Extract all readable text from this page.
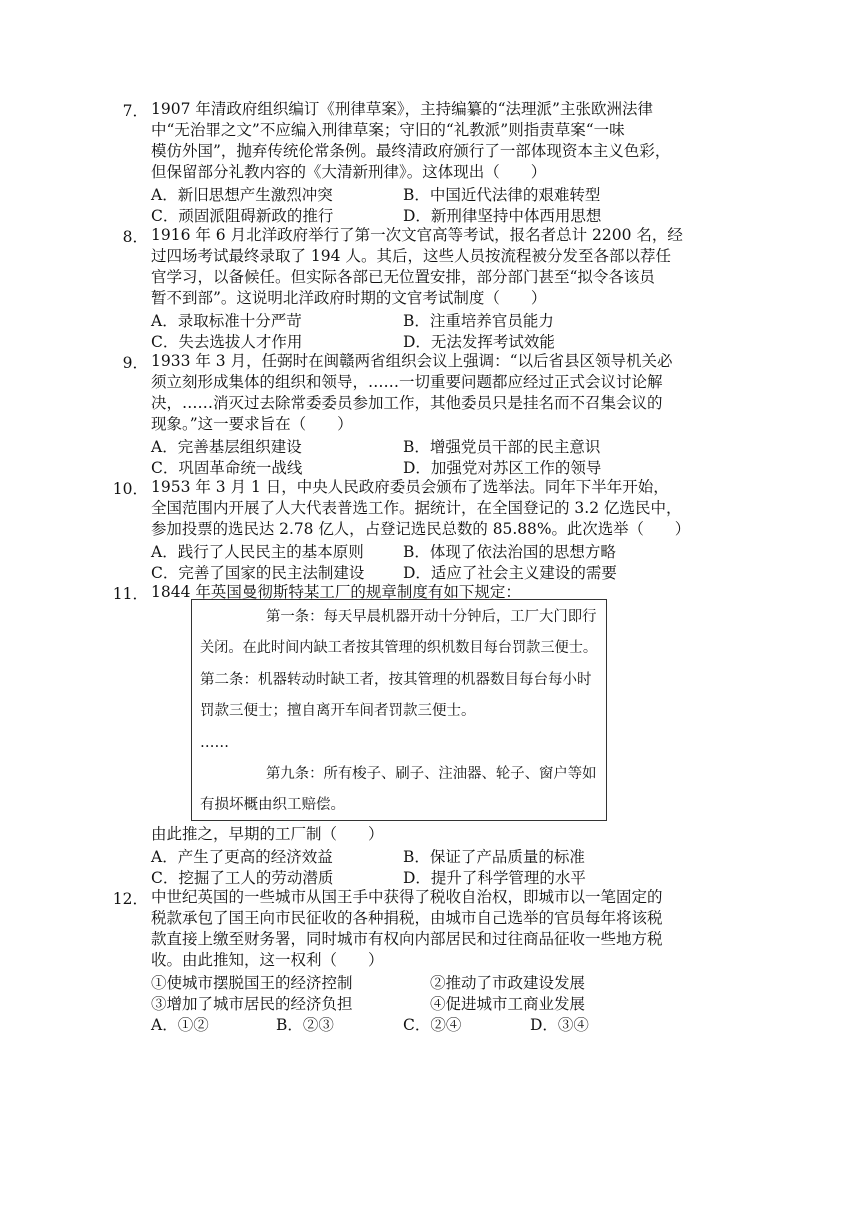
7． 1907 年清政府组织编订《刑律草案》，主持编纂的“法理派”主张欧洲法律
中“无治罪之文”不应编入刑律草案；守旧的“礼教派”则指责草案“一味
模仿外国”，抛弃传统伦常条例。最终清政府颁行了一部体现资本主义色彩，
但保留部分礼教内容的《大清新刑律》。这体现出（　　）
A．新旧思想产生激烈冲突	B．中国近代法律的艰难转型
C．顽固派阻碍新政的推行	D．新刑律坚持中体西用思想
8． 1916 年 6 月北洋政府举行了第一次文官高等考试，报名者总计 2200 名，经
过四场考试最终录取了 194 人。其后，这些人员按流程被分发至各部以荐任
官学习，以备候任。但实际各部已无位置安排，部分部门甚至“拟令各该员
暂不到部”。这说明北洋政府时期的文官考试制度（　　）
A．录取标准十分严苛	B．注重培养官员能力
C．失去选拔人才作用	D．无法发挥考试效能
9． 1933 年 3 月，任弼时在闽赣两省组织会议上强调：“以后省县区领导机关必
须立刻形成集体的组织和领导，……一切重要问题都应经过正式会议讨论解
决，……消灭过去除常委委员参加工作，其他委员只是挂名而不召集会议的
现象。”这一要求旨在（　　）
A．完善基层组织建设	B．增强党员干部的民主意识
C．巩固革命统一战线	D．加强党对苏区工作的领导
10． 1953 年 3 月 1 日，中央人民政府委员会颁布了选举法。同年下半年开始，
全国范围内开展了人大代表普选工作。据统计，在全国登记的 3.2 亿选民中，
参加投票的选民达 2.78 亿人，占登记选民总数的 85.88%。此次选举（　　）
A．践行了人民民主的基本原则	B．体现了依法治国的思想方略
C．完善了国家的民主法制建设 D．适应了社会主义建设的需要
11． 1844 年英国曼彻斯特某工厂的规章制度有如下规定：
第一条：每天早晨机器开动十分钟后，工厂大门即行
关闭。在此时间内缺工者按其管理的织机数目每台罚款三便士。
第二条：机器转动时缺工者，按其管理的机器数目每台每小时
罚款三便士；擅自离开车间者罚款三便士。
……
第九条：所有梭子、刷子、注油器、轮子、窗户等如
有损坏概由织工赔偿。
由此推之，早期的工厂制（　　）
A．产生了更高的经济效益	B．保证了产品质量的标准
C．挖掘了工人的劳动潜质	D．提升了科学管理的水平
12． 中世纪英国的一些城市从国王手中获得了税收自治权，即城市以一笔固定的
税款承包了国王向市民征收的各种捐税，由城市自己选举的官员每年将该税
款直接上缴至财务署，同时城市有权向内部居民和过往商品征收一些地方税
收。由此推知，这一权利（　　）
①使城市摆脱国王的经济控制	②推动了市政建设发展
③增加了城市居民的经济负担	④促进城市工商业发展
A．①②	B．②③	C．②④	D．③④
